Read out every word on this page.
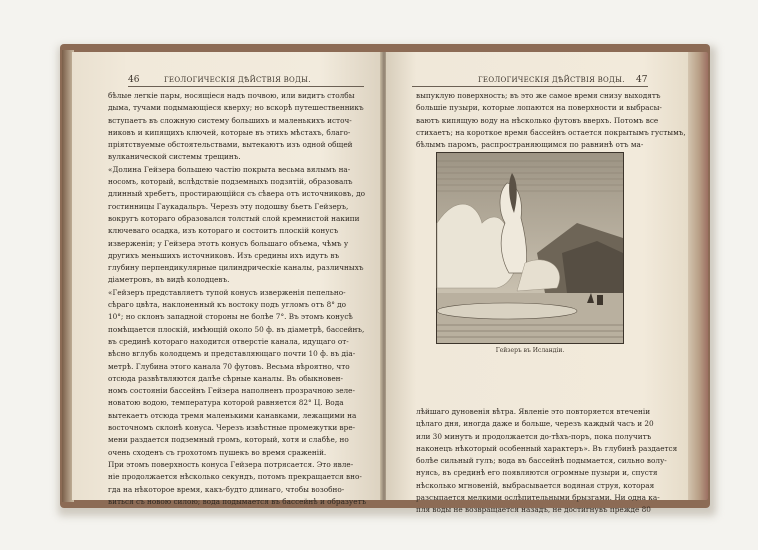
46	ГЕОЛОГИЧЕСКІЯ ДѢЙСТВІЯ ВОДЫ.
бѣлые легкіе пары, носящіеся надъ почвою, или видитъ столбы
дыма, тучами подымающіеся кверху; но вскорѣ путешественникъ
вступаетъ въ сложную систему большихъ и маленькихъ источ-
никовъ и кипящихъ ключей, которые въ этихъ мѣстахъ, благо-
пріятствуемые обстоятельствами, вытекаютъ изъ одной общей
вулканической системы трещинъ.
«Долина Гейзера большею частію покрыта весьма вялымъ на-
носомъ, который, вслѣдствіе подземныхъ подзятій, образовалъ
длинный хребетъ, простирающійся съ сѣвера отъ источниковъ, до
гостинницы Гаукадальръ. Черезъ эту подошву бьетъ Гейзеръ,
вокругъ котораго образовался толстый слой кремнистой накипи
ключеваго осадка, изъ котораго и состоитъ плоскій конусъ
изверженія; у Гейзера этотъ конусъ большаго объема, чѣмъ у
другихъ меньшихъ источниковъ. Изъ средины ихъ идутъ въ
глубину перпендикулярные цилиндрическіе каналы, различныхъ
діаметровъ, въ видѣ колодцевъ.
«Гейзеръ представляетъ тупой конусъ изверженія пепельно-
сѣраго цвѣта, наклоненный къ востоку подъ угломъ отъ 8° до
10°; но склонъ западной стороны не болѣе 7°. Въ этомъ конусѣ
помѣщается плоскій, имѣющій около 50 ф. въ діаметрѣ, бассейнъ,
въ срединѣ котораго находится отверстіе канала, идущаго от-
вѣсно вглубь колодцемъ и представляющаго почти 10 ф. въ діа-
метрѣ. Глубина этого канала 70 футовъ. Весьма вѣроятно, что
отсюда развѣтвляются далѣе сѣрные каналы. Въ обыкновен-
номъ состояніи бассейнъ Гейзера наполненъ прозрачною зеле-
новатою водою, температура которой равняется 82° Ц. Вода
вытекаетъ отсюда тремя маленькими канавками, лежащими на
восточномъ склонѣ конуса. Черезъ извѣстные промежутки вре-
мени раздается подземный громъ, который, хотя и слабѣе, но
очень сходенъ съ грохотомъ пушекъ во время сраженій.
При этомъ поверхность конуса Гейзера потрясается. Это явле-
ніе продолжается нѣсколько секундъ, потомъ прекращается вно-
гда на нѣкоторое время, какъ-будто длинаго, чтобы возобно-
виться съ новою силою; вода подымается въ бассейнѣ и образуетъ
ГЕОЛОГИЧЕСКІЯ ДѢЙСТВІЯ ВОДЫ. 47
выпуклую поверхность; въ это же самое время снизу выходятъ
большіе пузыри, которые лопаются на поверхности и выбрасы-
ваютъ кипящую воду на нѣсколько футовъ вверхъ. Потомъ все
стихаетъ; на короткое время бассейнъ остается покрытымъ густымъ,
бѣлымъ паромъ, распространяющимся по равнинѣ отъ ма-
Гейзеръ въ Исландіи.
лѣйшаго дуновенія вѣтра. Явленіе это повторяется втеченіи
цѣлаго дня, иногда даже и больше, черезъ каждый часъ и 20
или 30 минутъ и продолжается до-тѣхъ-поръ, пока получитъ
наконецъ нѣкоторый особенный характеръ». Въ глубинѣ раздается
болѣе сильный гулъ; вода въ бассейнѣ подымается, сильно волу-
нуясь, въ срединѣ его появляются огромные пузыри и, спустя
нѣсколько мгновеній, выбрасывается водяная струя, которая
разсыпается мелкими ослѣпительными брызгами. Ни одна ка-
пля воды не возвращается назадъ, не достигнувъ прежде 80
